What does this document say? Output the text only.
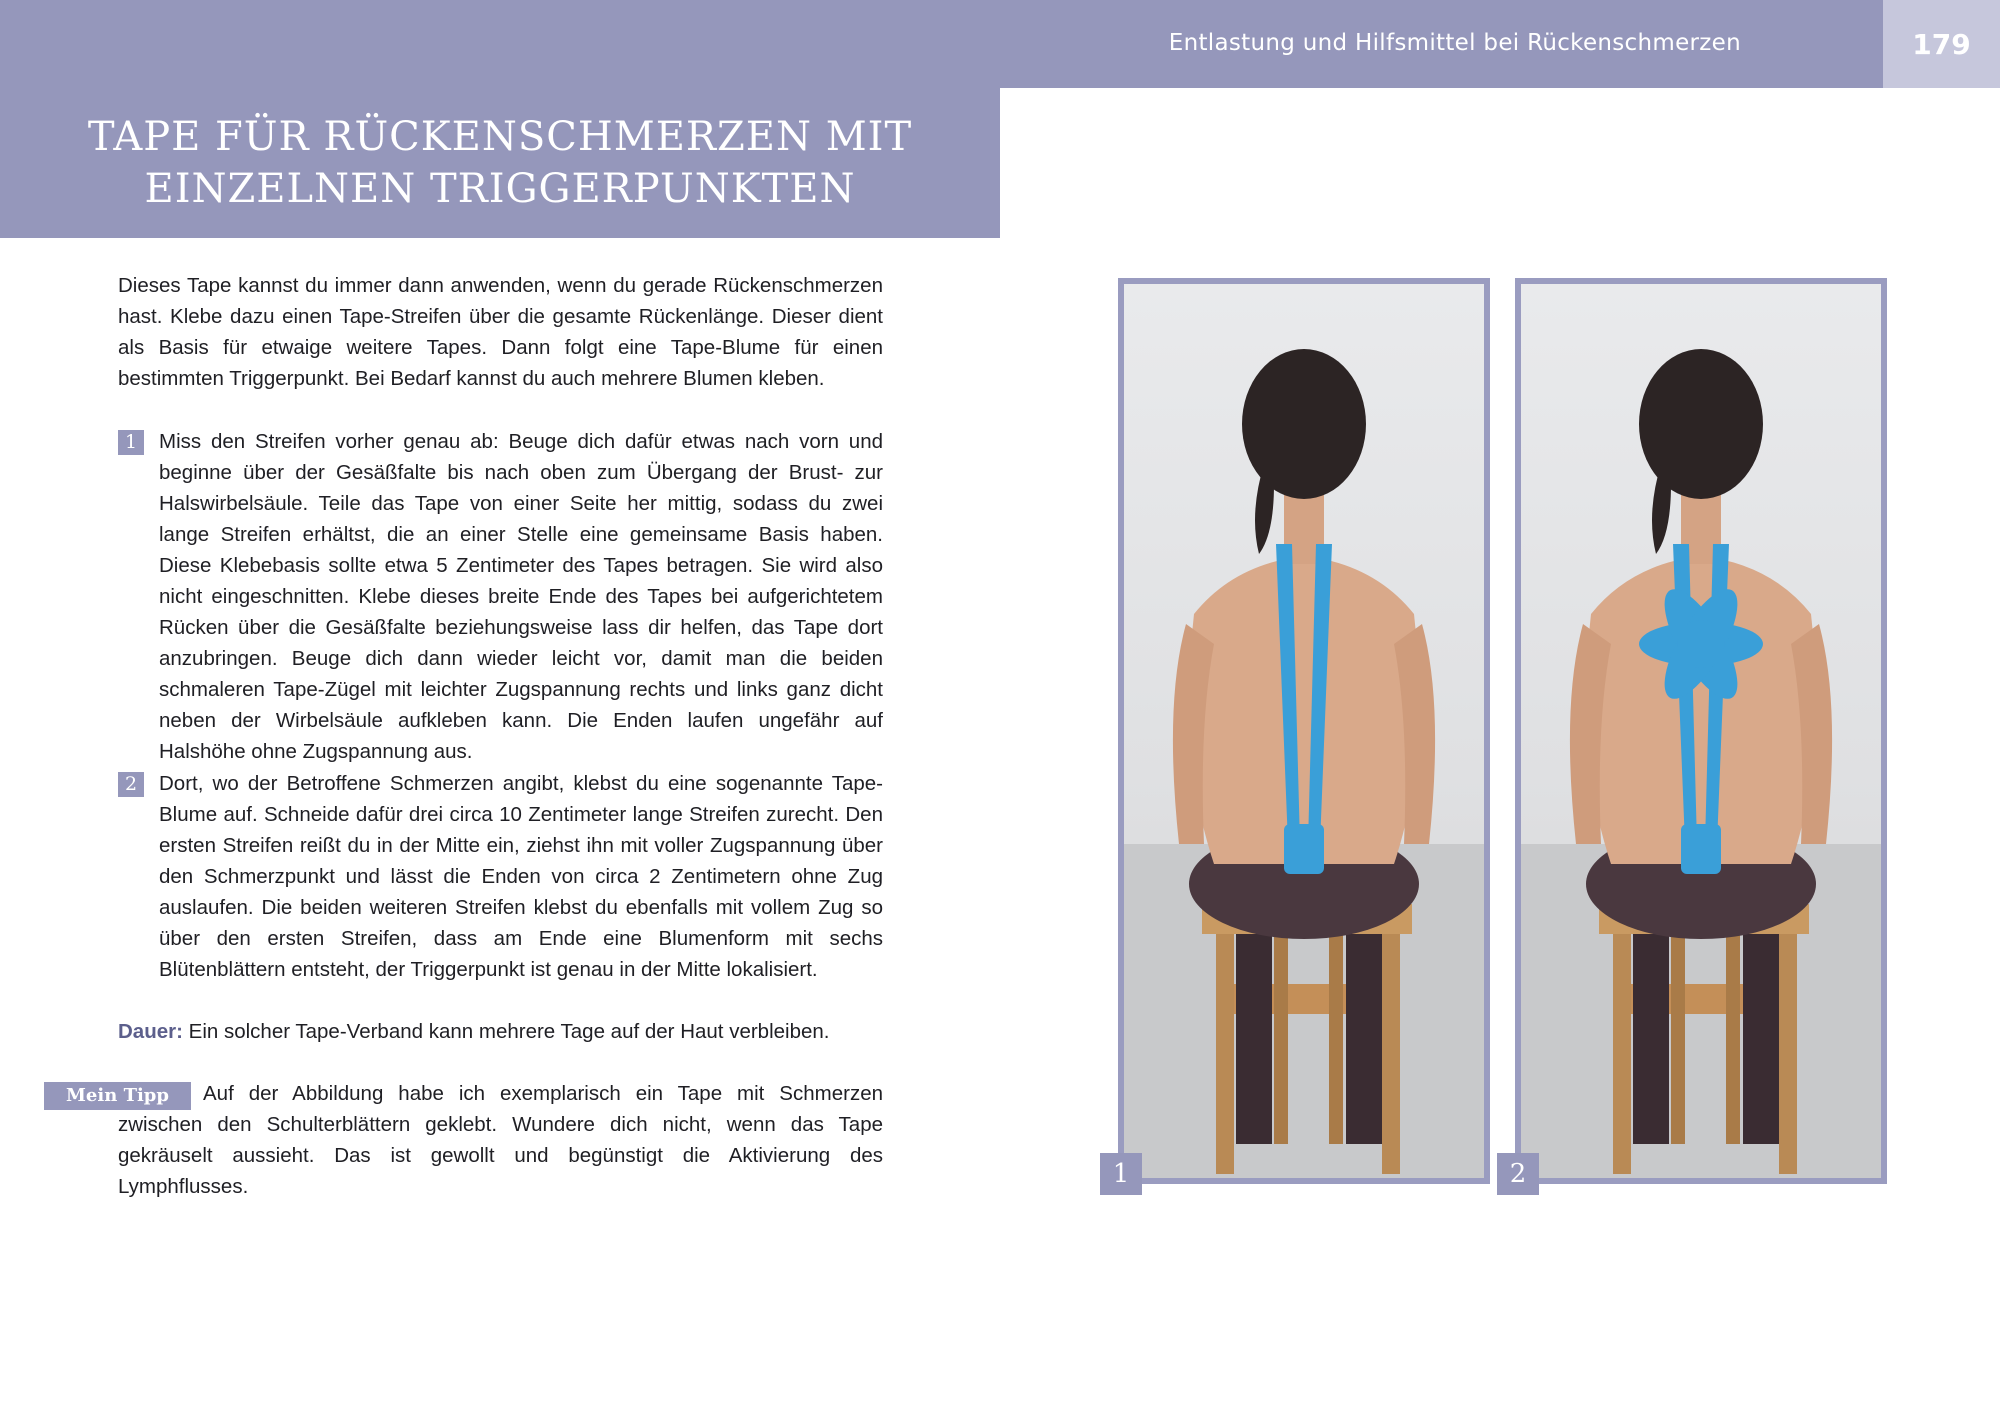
Entlastung und Hilfsmittel bei Rückenschmerzen	179
TAPE FÜR RÜCKENSCHMERZEN MIT
EINZELNEN TRIGGERPUNKTEN

Dieses Tape kannst du immer dann anwenden, wenn du gerade Rückenschmerzen hast. Klebe dazu einen Tape-Streifen über die gesamte Rückenlänge. Dieser dient als Basis für etwaige weitere Tapes. Dann folgt eine Tape-Blume für einen bestimmten Triggerpunkt. Bei Bedarf kannst du auch mehrere Blumen kleben.

1	Miss den Streifen vorher genau ab: Beuge dich dafür etwas nach vorn und beginne über der Gesäßfalte bis nach oben zum Übergang der Brust- zur Halswirbelsäule. Teile das Tape von einer Seite her mittig, sodass du zwei lange Streifen erhältst, die an einer Stelle eine gemeinsame Basis haben. Diese Klebebasis sollte etwa 5 Zentimeter des Tapes betragen. Sie wird also nicht eingeschnitten. Klebe dieses breite Ende des Tapes bei aufgerichtetem Rücken über die Gesäßfalte beziehungsweise lass dir helfen, das Tape dort anzubringen. Beuge dich dann wieder leicht vor, damit man die beiden schmaleren Tape-Zügel mit leichter Zugspannung rechts und links ganz dicht neben der Wirbelsäule aufkleben kann. Die Enden laufen ungefähr auf Halshöhe ohne Zugspannung aus.
2	Dort, wo der Betroffene Schmerzen angibt, klebst du eine sogenannte Tape-Blume auf. Schneide dafür drei circa 10 Zentimeter lange Streifen zurecht. Den ersten Streifen reißt du in der Mitte ein, ziehst ihn mit voller Zugspannung über den Schmerzpunkt und lässt die Enden von circa 2 Zentimetern ohne Zug auslaufen. Die beiden weiteren Streifen klebst du ebenfalls mit vollem Zug so über den ersten Streifen, dass am Ende eine Blumenform mit sechs Blütenblättern entsteht, der Triggerpunkt ist genau in der Mitte lokalisiert.
Dauer: Ein solcher Tape-Verband kann mehrere Tage auf der Haut verbleiben.
Mein Tipp	Auf der Abbildung habe ich exemplarisch ein Tape mit Schmerzen zwischen den Schulterblättern geklebt. Wundere dich nicht, wenn das Tape gekräuselt aussieht. Das ist gewollt und begünstigt die Aktivierung des Lymphflusses.	1	2
